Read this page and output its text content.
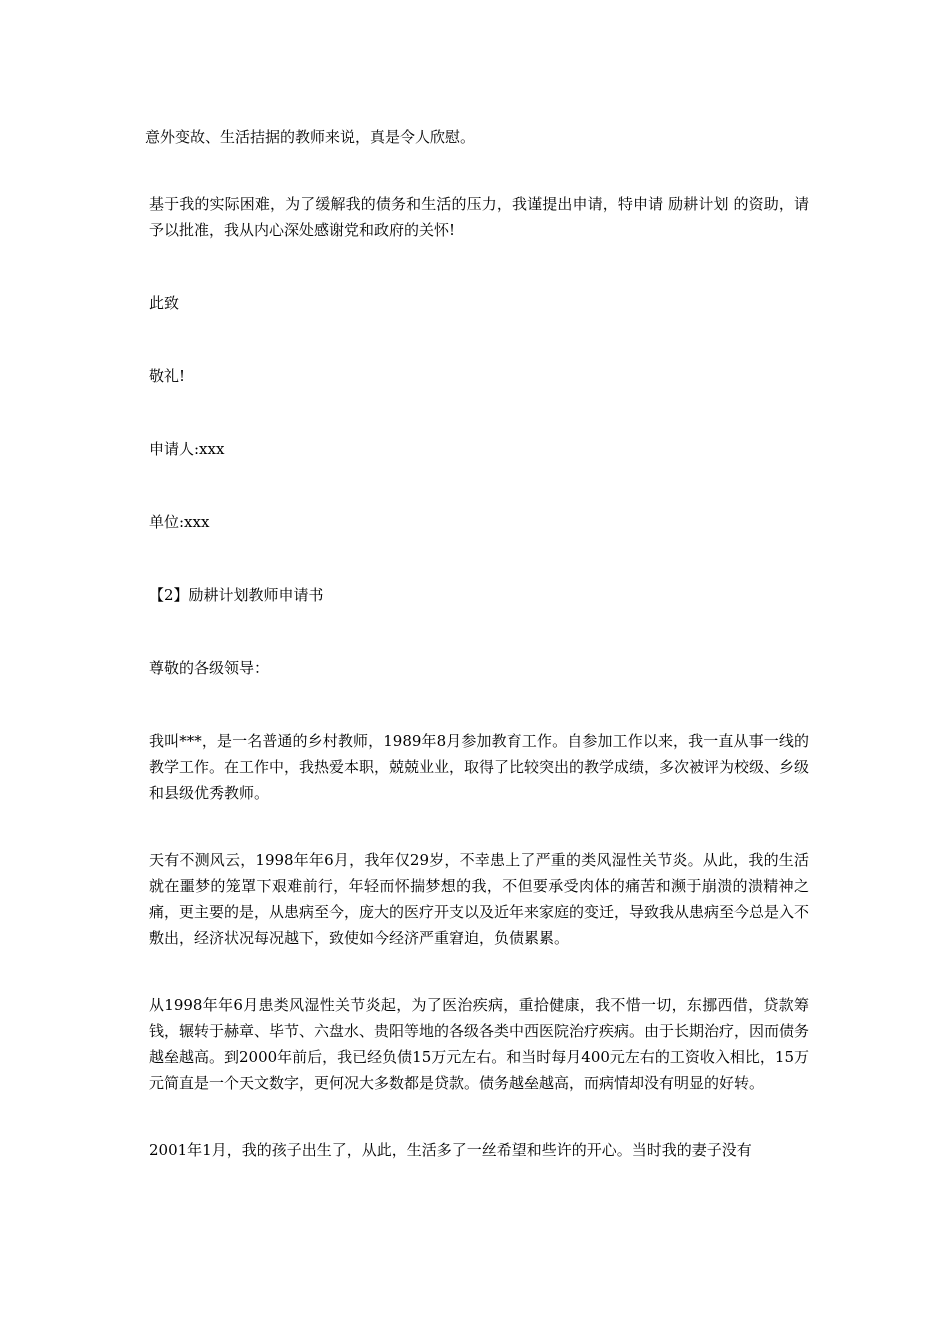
意外变故、生活拮据的教师来说，真是令人欣慰。

基于我的实际困难，为了缓解我的债务和生活的压力，我谨提出申请，特申请 励耕计划 的资助，请予以批准，我从内心深处感谢党和政府的关怀!

此致

敬礼!

申请人:xxx

单位:xxx

【2】励耕计划教师申请书

尊敬的各级领导：

我叫***，是一名普通的乡村教师，1989年8月参加教育工作。自参加工作以来，我一直从事一线的教学工作。在工作中，我热爱本职，兢兢业业，取得了比较突出的教学成绩，多次被评为校级、乡级和县级优秀教师。

天有不测风云，1998年年6月，我年仅29岁，不幸患上了严重的类风湿性关节炎。从此，我的生活就在噩梦的笼罩下艰难前行，年轻而怀揣梦想的我，不但要承受肉体的痛苦和濒于崩溃的溃精神之痛，更主要的是，从患病至今，庞大的医疗开支以及近年来家庭的变迁，导致我从患病至今总是入不敷出，经济状况每况越下，致使如今经济严重窘迫，负债累累。

从1998年年6月患类风湿性关节炎起，为了医治疾病，重拾健康，我不惜一切，东挪西借，贷款筹钱，辗转于赫章、毕节、六盘水、贵阳等地的各级各类中西医院治疗疾病。由于长期治疗，因而债务越垒越高。到2000年前后，我已经负债15万元左右。和当时每月400元左右的工资收入相比，15万元简直是一个天文数字，更何况大多数都是贷款。债务越垒越高，而病情却没有明显的好转。

2001年1月，我的孩子出生了，从此，生活多了一丝希望和些许的开心。当时我的妻子没有
